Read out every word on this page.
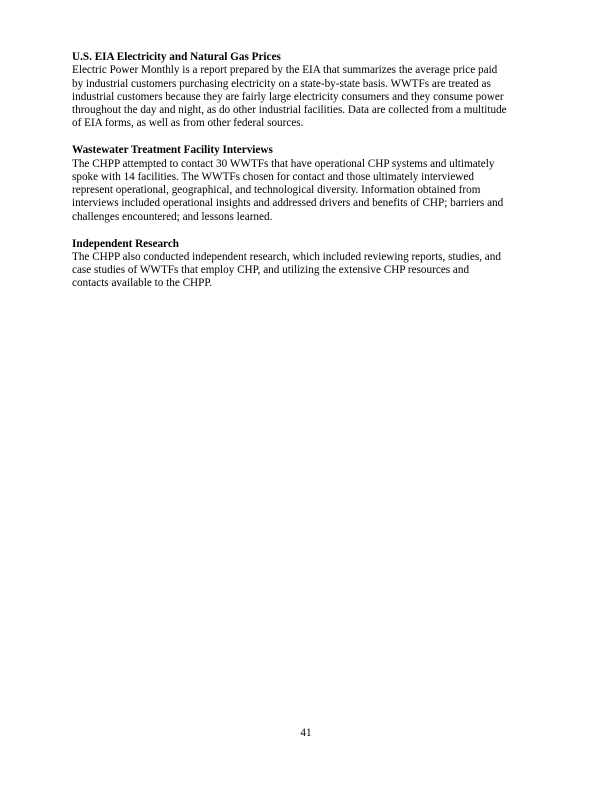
U.S. EIA Electricity and Natural Gas Prices
Electric Power Monthly is a report prepared by the EIA that summarizes the average price paid
by industrial customers purchasing electricity on a state-by-state basis. WWTFs are treated as
industrial customers because they are fairly large electricity consumers and they consume power
throughout the day and night, as do other industrial facilities. Data are collected from a multitude
of EIA forms, as well as from other federal sources.
Wastewater Treatment Facility Interviews
The CHPP attempted to contact 30 WWTFs that have operational CHP systems and ultimately
spoke with 14 facilities. The WWTFs chosen for contact and those ultimately interviewed
represent operational, geographical, and technological diversity. Information obtained from
interviews included operational insights and addressed drivers and benefits of CHP; barriers and
challenges encountered; and lessons learned.
Independent Research
The CHPP also conducted independent research, which included reviewing reports, studies, and
case studies of WWTFs that employ CHP, and utilizing the extensive CHP resources and
contacts available to the CHPP.
41
